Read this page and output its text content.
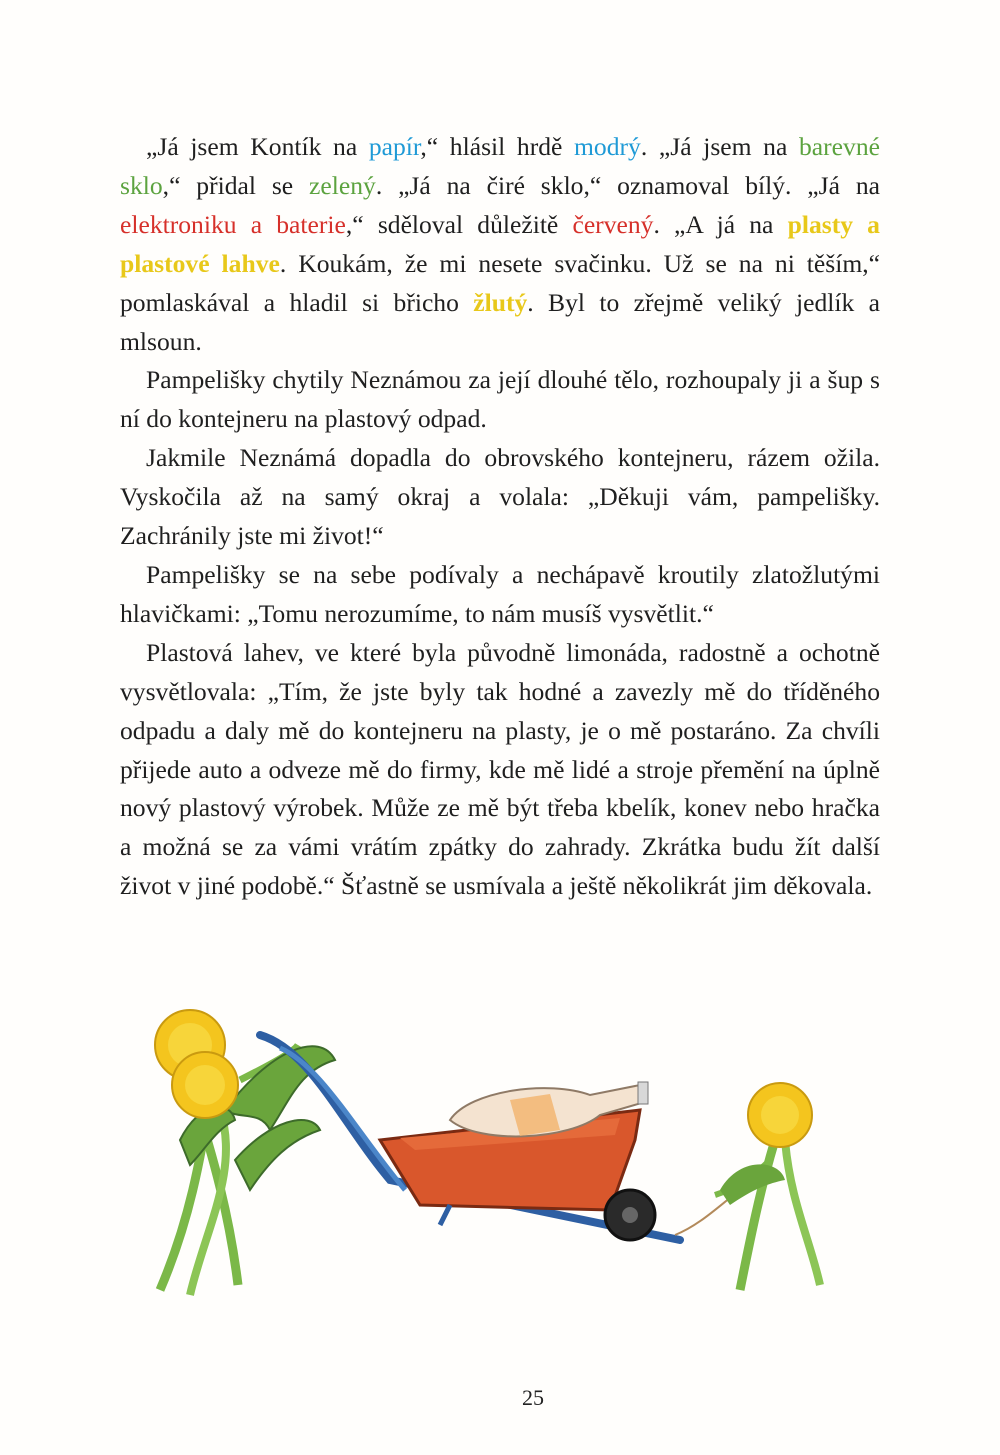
„Já jsem Kontík na papír,“ hlásil hrdě modrý. „Já jsem na barevné sklo,“ přidal se zelený. „Já na čiré sklo,“ oznamoval bílý. „Já na elektroniku a baterie,“ sděloval důležitě červený. „A já na plasty a plastové lahve. Koukám, že mi nesete svačinku. Už se na ni těším,“ pomlaskával a hladil si břicho žlutý. Byl to zřejmě veliký jedlík a mlsoun.

Pampelišky chytily Neznámou za její dlouhé tělo, rozhoupaly ji a šup s ní do kontejneru na plastový odpad.

Jakmile Neznámá dopadla do obrovského kontejneru, rázem ožila. Vyskočila až na samý okraj a volala: „Děkuji vám, pampelišky. Zachránily jste mi život!“

Pampelišky se na sebe podívaly a nechápavě kroutily zlatožlutými hlavičkami: „Tomu nerozumíme, to nám musíš vysvětlit.“

Plastová lahev, ve které byla původně limonáda, radostně a ochotně vysvětlovala: „Tím, že jste byly tak hodné a zavezly mě do tříděného odpadu a daly mě do kontejneru na plasty, je o mě postaráno. Za chvíli přijede auto a odveze mě do firmy, kde mě lidé a stroje přemění na úplně nový plastový výrobek. Může ze mě být třeba kbelík, konev nebo hračka a možná se za vámi vrátím zpátky do zahrady. Zkrátka budu žít další život v jiné podobě.“ Šťastně se usmívala a ještě několikrát jim děkovala.

25
